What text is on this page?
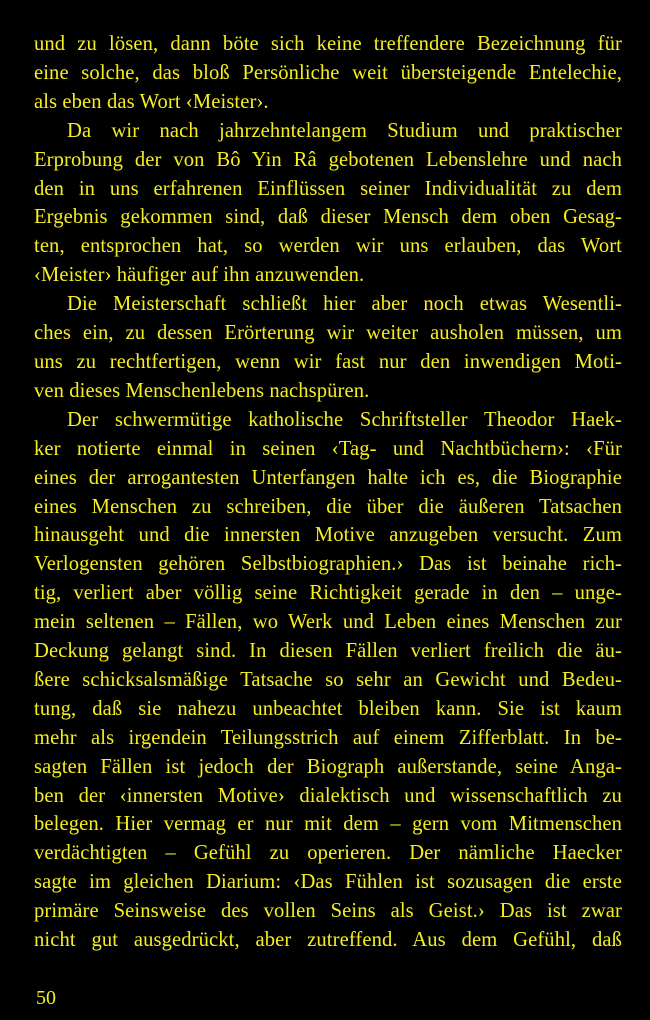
und zu lösen, dann böte sich keine treffendere Bezeichnung für
eine solche, das bloß Persönliche weit übersteigende Entelechie,
als eben das Wort ‹Meister›.
Da wir nach jahrzehntelangem Studium und praktischer
Erprobung der von Bô Yin Râ gebotenen Lebenslehre und nach
den in uns erfahrenen Einflüssen seiner Individualität zu dem
Ergebnis gekommen sind, daß dieser Mensch dem oben Gesag-
ten, entsprochen hat, so werden wir uns erlauben, das Wort
‹Meister› häufiger auf ihn anzuwenden.
Die Meisterschaft schließt hier aber noch etwas Wesentli-
ches ein, zu dessen Erörterung wir weiter ausholen müssen, um
uns zu rechtfertigen, wenn wir fast nur den inwendigen Moti-
ven dieses Menschenlebens nachspüren.
Der schwermütige katholische Schriftsteller Theodor Haek-
ker notierte einmal in seinen ‹Tag- und Nachtbüchern›: ‹Für
eines der arrogantesten Unterfangen halte ich es, die Biographie
eines Menschen zu schreiben, die über die äußeren Tatsachen
hinausgeht und die innersten Motive anzugeben versucht. Zum
Verlogensten gehören Selbstbiographien.› Das ist beinahe rich-
tig, verliert aber völlig seine Richtigkeit gerade in den – unge-
mein seltenen – Fällen, wo Werk und Leben eines Menschen zur
Deckung gelangt sind. In diesen Fällen verliert freilich die äu-
ßere schicksalsmäßige Tatsache so sehr an Gewicht und Bedeu-
tung, daß sie nahezu unbeachtet bleiben kann. Sie ist kaum
mehr als irgendein Teilungsstrich auf einem Zifferblatt. In be-
sagten Fällen ist jedoch der Biograph außerstande, seine Anga-
ben der ‹innersten Motive› dialektisch und wissenschaftlich zu
belegen. Hier vermag er nur mit dem – gern vom Mitmenschen
verdächtigten – Gefühl zu operieren. Der nämliche Haecker
sagte im gleichen Diarium: ‹Das Fühlen ist sozusagen die erste
primäre Seinsweise des vollen Seins als Geist.› Das ist zwar
nicht gut ausgedrückt, aber zutreffend. Aus dem Gefühl, daß
50
